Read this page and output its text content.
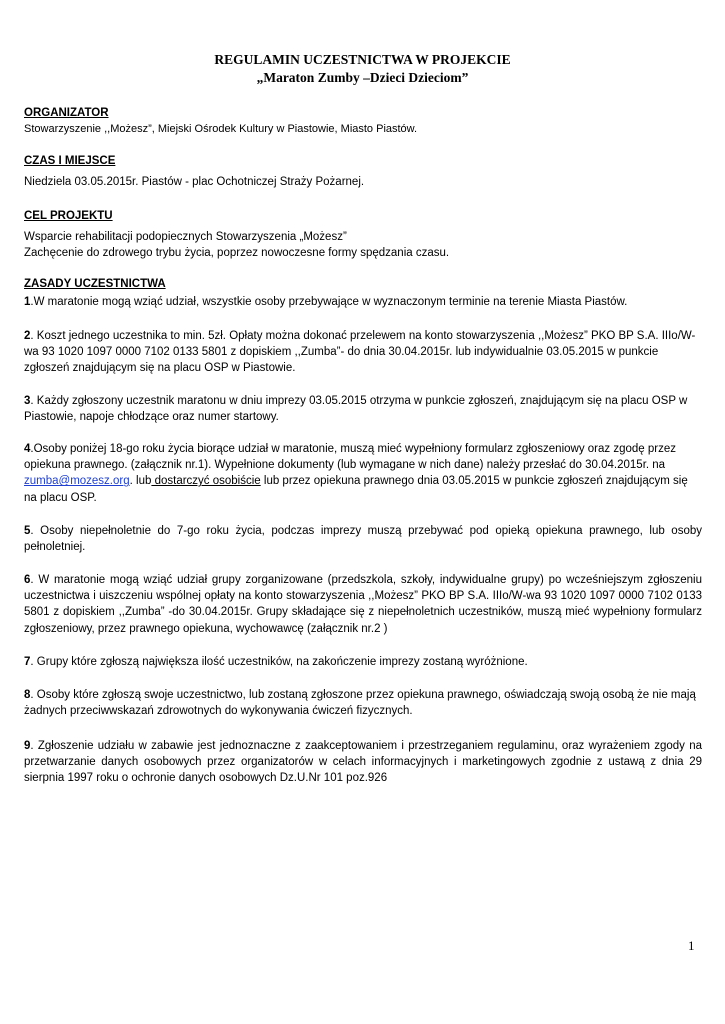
REGULAMIN UCZESTNICTWA W PROJEKCIE
„Maraton Zumby –Dzieci Dzieciom”
ORGANIZATOR
Stowarzyszenie ,,Możesz”, Miejski Ośrodek Kultury w Piastowie, Miasto Piastów.
CZAS I MIEJSCE
Niedziela 03.05.2015r. Piastów - plac Ochotniczej Straży Pożarnej.
CEL PROJEKTU
Wsparcie rehabilitacji podopiecznych Stowarzyszenia „Możesz”
Zachęcenie do zdrowego trybu życia, poprzez nowoczesne formy spędzania czasu.
ZASADY UCZESTNICTWA
1.W maratonie mogą wziąć udział, wszystkie osoby przebywające w wyznaczonym terminie na terenie Miasta Piastów.
2. Koszt jednego uczestnika to min. 5zł. Opłaty można dokonać przelewem na konto stowarzyszenia ,,Możesz” PKO BP S.A. IIIo/W-wa 93 1020 1097 0000 7102 0133 5801 z dopiskiem ,,Zumba”- do dnia 30.04.2015r. lub indywidualnie 03.05.2015 w punkcie zgłoszeń znajdującym się na placu OSP w Piastowie.
3. Każdy zgłoszony uczestnik maratonu w dniu imprezy 03.05.2015 otrzyma w punkcie zgłoszeń, znajdującym się na placu OSP w Piastowie, napoje chłodzące oraz numer startowy.
4.Osoby poniżej 18-go roku życia biorące udział w maratonie, muszą mieć wypełniony formularz zgłoszeniowy oraz zgodę przez opiekuna prawnego. (załącznik nr.1). Wypełnione dokumenty (lub wymagane w nich dane) należy przesłać do 30.04.2015r. na zumba@mozesz.org. lub dostarczyć osobiście lub przez opiekuna prawnego dnia 03.05.2015 w punkcie zgłoszeń znajdującym się na placu OSP.
5. Osoby niepełnoletnie do 7-go roku życia, podczas imprezy muszą przebywać pod opieką opiekuna prawnego, lub osoby pełnoletniej.
6. W maratonie mogą wziąć udział grupy zorganizowane (przedszkola, szkoły, indywidualne grupy) po wcześniejszym zgłoszeniu uczestnictwa i uiszczeniu wspólnej opłaty na konto stowarzyszenia ,,Możesz” PKO BP S.A. IIIo/W-wa 93 1020 1097 0000 7102 0133 5801 z dopiskiem ,,Zumba” -do 30.04.2015r. Grupy składające się z niepełnoletnich uczestników, muszą mieć wypełniony formularz zgłoszeniowy, przez prawnego opiekuna, wychowawcę (załącznik nr.2 )
7. Grupy które zgłoszą największa ilość uczestników, na zakończenie imprezy zostaną wyróżnione.
8. Osoby które zgłoszą swoje uczestnictwo, lub zostaną zgłoszone przez opiekuna prawnego, oświadczają swoją osobą że nie mają żadnych przeciwwskazań zdrowotnych do wykonywania ćwiczeń fizycznych.
9. Zgłoszenie udziału w zabawie jest jednoznaczne z zaakceptowaniem i przestrzeganiem regulaminu, oraz wyrażeniem zgody na przetwarzanie danych osobowych przez organizatorów w celach informacyjnych i marketingowych zgodnie z ustawą z dnia 29 sierpnia 1997 roku o ochronie danych osobowych Dz.U.Nr 101 poz.926
1
